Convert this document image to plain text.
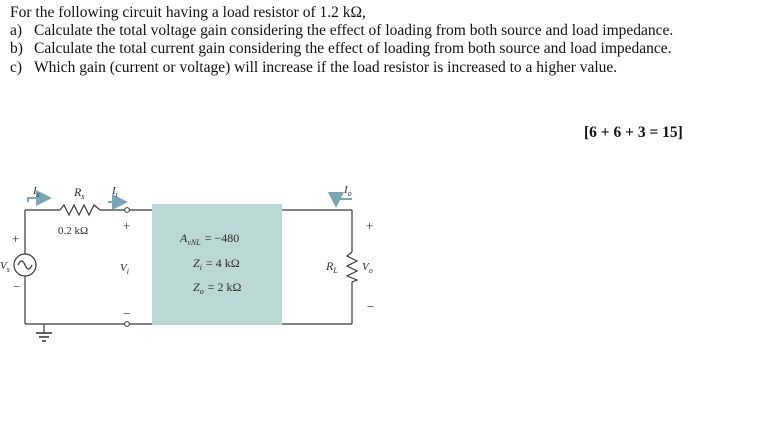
For the following circuit having a load resistor of 1.2 kΩ,

a) Calculate the total voltage gain considering the effect of loading from both source and load impedance.
b) Calculate the total current gain considering the effect of loading from both source and load impedance.
c) Which gain (current or voltage) will increase if the load resistor is increased to a higher value.
[6 + 6 + 3 = 15]
$I_s$	$R_s$
0.2 kΩ
$I_i$
+
−
$V_s$
+
−
$V_i$
$A_{vNL} = -480$
$Z_i = 4$ kΩ
$Z_o = 2$ kΩ
$I_o$
$R_L$
+
$V_o$
−
